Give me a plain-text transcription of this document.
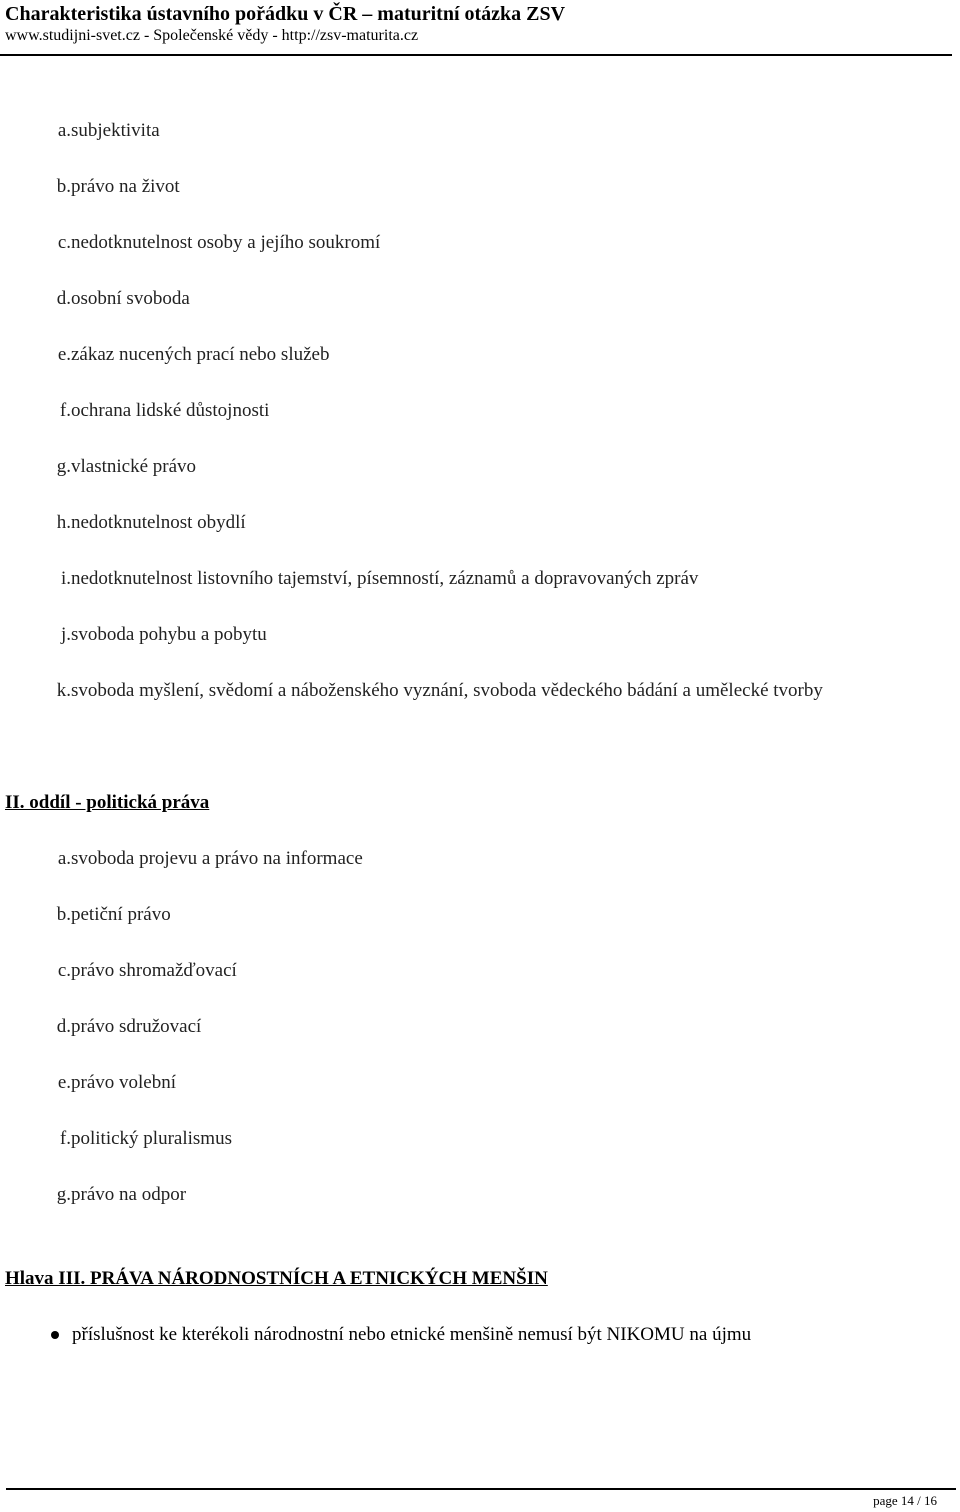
Charakteristika ústavního pořádku v ČR – maturitní otázka ZSV
www.studijni-svet.cz - Společenské vědy - http://zsv-maturita.cz
a. subjektivita
b. právo na život
c. nedotknutelnost osoby a jejího soukromí
d. osobní svoboda
e. zákaz nucených prací nebo služeb
f. ochrana lidské důstojnosti
g. vlastnické právo
h. nedotknutelnost obydlí
i. nedotknutelnost listovního tajemství, písemností, záznamů a dopravovaných zpráv
j. svoboda pohybu a pobytu
k. svoboda myšlení, svědomí a náboženského vyznání, svoboda vědeckého bádání a umělecké tvorby
II. oddíl - politická práva
a. svoboda projevu a právo na informace
b. petiční právo
c. právo shromažďovací
d. právo sdružovací
e. právo volební
f. politický pluralismus
g. právo na odpor
Hlava III. PRÁVA NÁRODNOSTNÍCH A ETNICKÝCH MENŠIN
příslušnost ke kterékoli národnostní nebo etnické menšině nemusí být NIKOMU na újmu
page 14 / 16
